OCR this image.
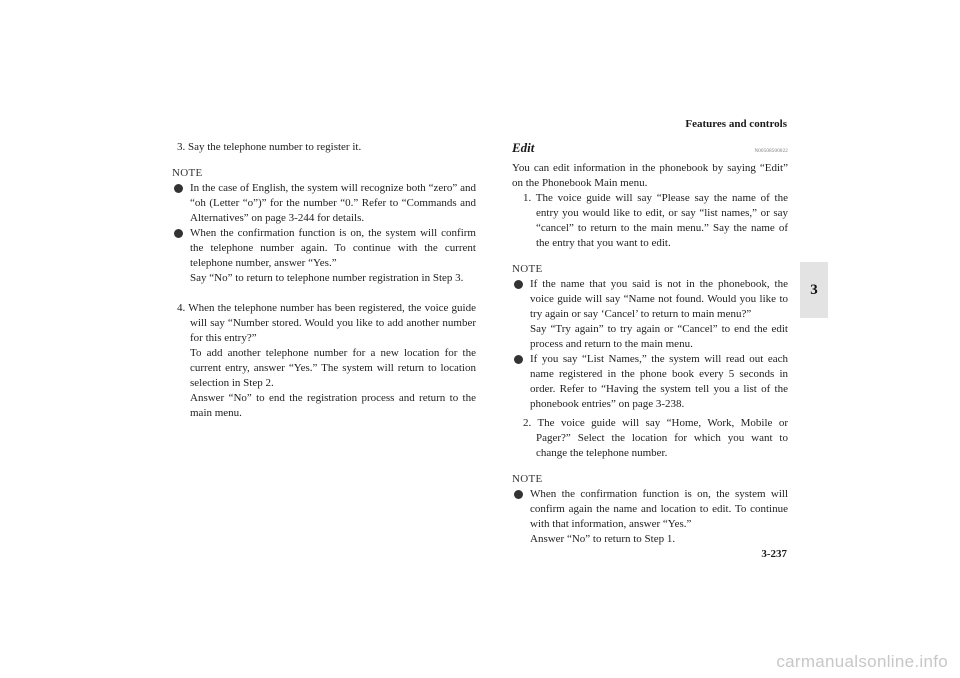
Features and controls
3

3. Say the telephone number to register it.

NOTE

In the case of English, the system will recognize both “zero” and “oh (Letter “o”)” for the number “0.” Refer to “Commands and Alternatives” on page 3-244 for details.

When the confirmation function is on, the system will confirm the telephone number again. To continue with the current telephone number, answer “Yes.”

Say “No” to return to telephone number registration in Step 3.

4. When the telephone number has been registered, the voice guide will say “Number stored. Would you like to add another number for this entry?”

To add another telephone number for a new location for the current entry, answer “Yes.” The system will return to location selection in Step 2.

Answer “No” to end the registration process and return to the main menu.

Edit	N00508500022

You can edit information in the phonebook by saying “Edit” on the Phonebook Main menu.

1. The voice guide will say “Please say the name of the entry you would like to edit, or say “list names,” or say “cancel” to return to the main menu.” Say the name of the entry that you want to edit.

NOTE

If the name that you said is not in the phonebook, the voice guide will say “Name not found. Would you like to try again or say ‘Cancel’ to return to main menu?”

Say “Try again” to try again or “Cancel” to end the edit process and return to the main menu.

If you say “List Names,” the system will read out each name registered in the phone book every 5 seconds in order. Refer to “Having the system tell you a list of the phonebook entries” on page 3-238.

2. The voice guide will say “Home, Work, Mobile or Pager?” Select the location for which you want to change the telephone number.

NOTE

When the confirmation function is on, the system will confirm again the name and location to edit. To continue with that information, answer “Yes.”

Answer “No” to return to Step 1.

3-237
carmanualsonline.info
